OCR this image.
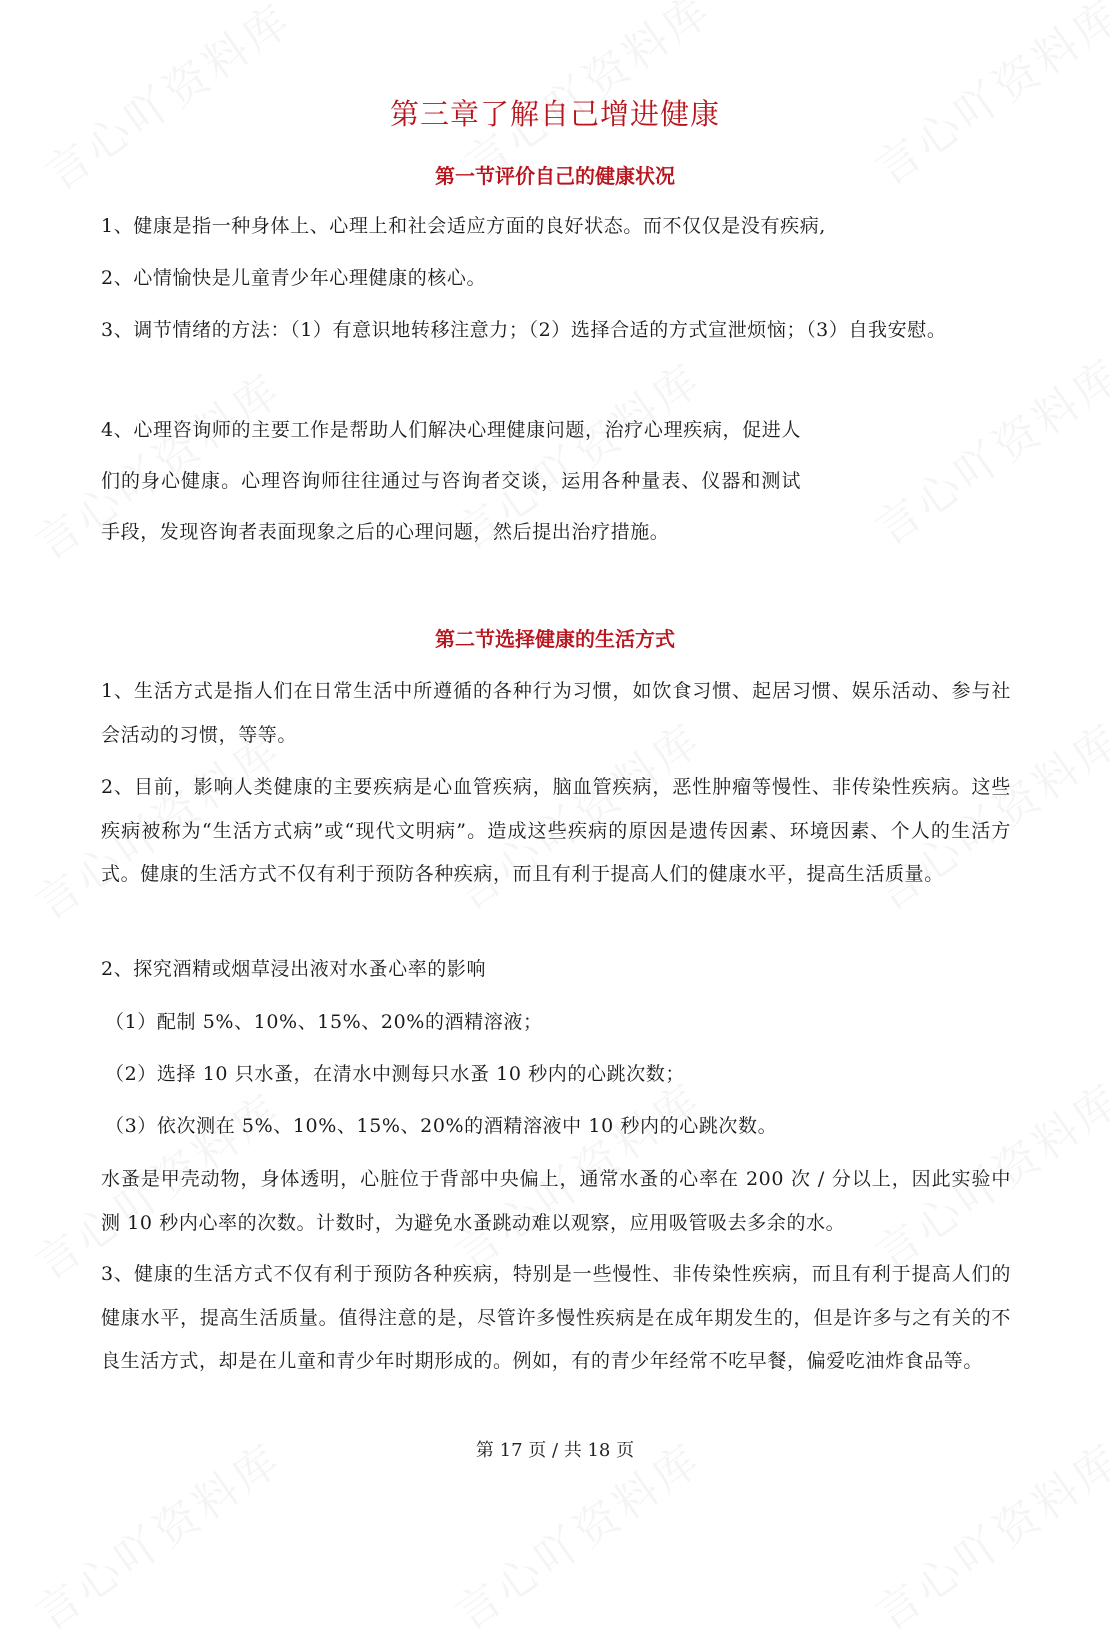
第三章了解自己增进健康
第一节评价自己的健康状况

1、健康是指一种身体上、心理上和社会适应方面的良好状态。而不仅仅是没有疾病,

2、心情愉快是儿童青少年心理健康的核心。

3、调节情绪的方法：（1）有意识地转移注意力；（2）选择合适的方式宣泄烦恼；（3）自我安慰。

4、心理咨询师的主要工作是帮助人们解决心理健康问题，治疗心理疾病，促进人们的身心健康。心理咨询师往往通过与咨询者交谈，运用各种量表、仪器和测试手段，发现咨询者表面现象之后的心理问题，然后提出治疗措施。

第二节选择健康的生活方式

1、生活方式是指人们在日常生活中所遵循的各种行为习惯，如饮食习惯、起居习惯、娱乐活动、参与社会活动的习惯，等等。

2、目前，影响人类健康的主要疾病是心血管疾病，脑血管疾病，恶性肿瘤等慢性、非传染性疾病。这些疾病被称为“生活方式病”或“现代文明病”。造成这些疾病的原因是遗传因素、环境因素、个人的生活方式。健康的生活方式不仅有利于预防各种疾病，而且有利于提高人们的健康水平，提高生活质量。

2、探究酒精或烟草浸出液对水蚤心率的影响

（1）配制 5%、10%、15%、20%的酒精溶液；

（2）选择 10 只水蚤，在清水中测每只水蚤 10 秒内的心跳次数；

（3）依次测在 5%、10%、15%、20%的酒精溶液中 10 秒内的心跳次数。

水蚤是甲壳动物，身体透明，心脏位于背部中央偏上，通常水蚤的心率在 200 次 / 分以上，因此实验中测 10 秒内心率的次数。计数时，为避免水蚤跳动难以观察，应用吸管吸去多余的水。

3、健康的生活方式不仅有利于预防各种疾病，特别是一些慢性、非传染性疾病，而且有利于提高人们的健康水平，提高生活质量。值得注意的是，尽管许多慢性疾病是在成年期发生的，但是许多与之有关的不良生活方式，却是在儿童和青少年时期形成的。例如，有的青少年经常不吃早餐，偏爱吃油炸食品等。

第 17 页 / 共 18 页
